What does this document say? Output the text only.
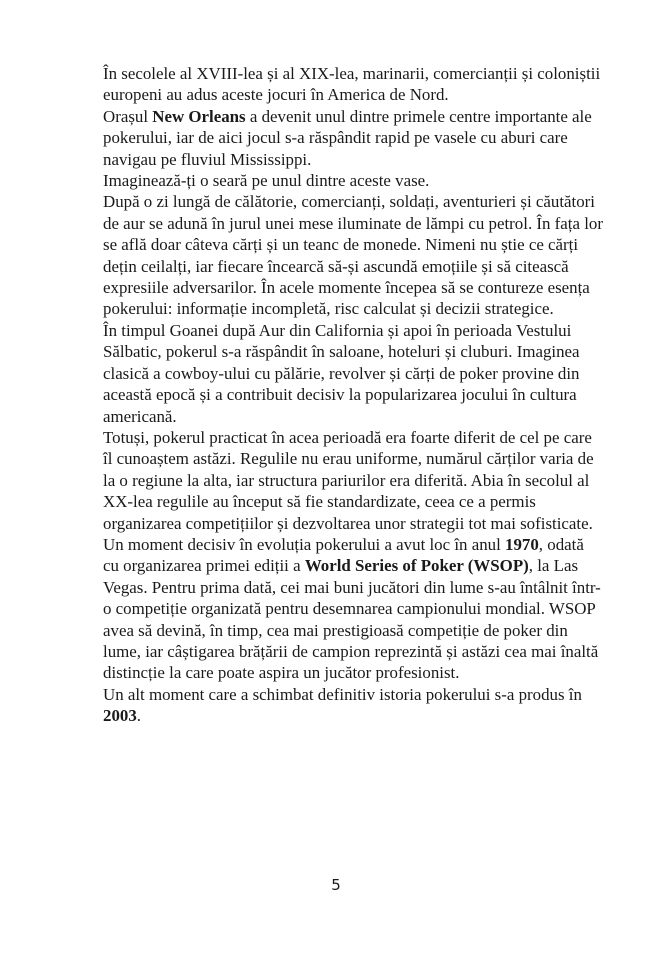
În secolele al XVIII-lea și al XIX-lea, marinarii, comercianții și coloniștii europeni au adus aceste jocuri în America de Nord.

Orașul New Orleans a devenit unul dintre primele centre importante ale pokerului, iar de aici jocul s-a răspândit rapid pe vasele cu aburi care navigau pe fluviul Mississippi.

Imaginează-ți o seară pe unul dintre aceste vase.

După o zi lungă de călătorie, comercianți, soldați, aventurieri și căutători de aur se adună în jurul unei mese iluminate de lămpi cu petrol. În fața lor se află doar câteva cărți și un teanc de monede. Nimeni nu știe ce cărți dețin ceilalți, iar fiecare încearcă să-și ascundă emoțiile și să citească expresiile adversarilor. În acele momente începea să se contureze esența pokerului: informație incompletă, risc calculat și decizii strategice.

În timpul Goanei după Aur din California și apoi în perioada Vestului Sălbatic, pokerul s-a răspândit în saloane, hoteluri și cluburi. Imaginea clasică a cowboy-ului cu pălărie, revolver și cărți de poker provine din această epocă și a contribuit decisiv la popularizarea jocului în cultura americană.

Totuși, pokerul practicat în acea perioadă era foarte diferit de cel pe care îl cunoaștem astăzi. Regulile nu erau uniforme, numărul cărților varia de la o regiune la alta, iar structura pariurilor era diferită. Abia în secolul al XX-lea regulile au început să fie standardizate, ceea ce a permis organizarea competițiilor și dezvoltarea unor strategii tot mai sofisticate.

Un moment decisiv în evoluția pokerului a avut loc în anul 1970, odată cu organizarea primei ediții a World Series of Poker (WSOP), la Las Vegas. Pentru prima dată, cei mai buni jucători din lume s-au întâlnit într-o competiție organizată pentru desemnarea campionului mondial. WSOP avea să devină, în timp, cea mai prestigioasă competiție de poker din lume, iar câștigarea brățării de campion reprezintă și astăzi cea mai înaltă distincție la care poate aspira un jucător profesionist.

Un alt moment care a schimbat definitiv istoria pokerului s-a produs în 2003.

5
